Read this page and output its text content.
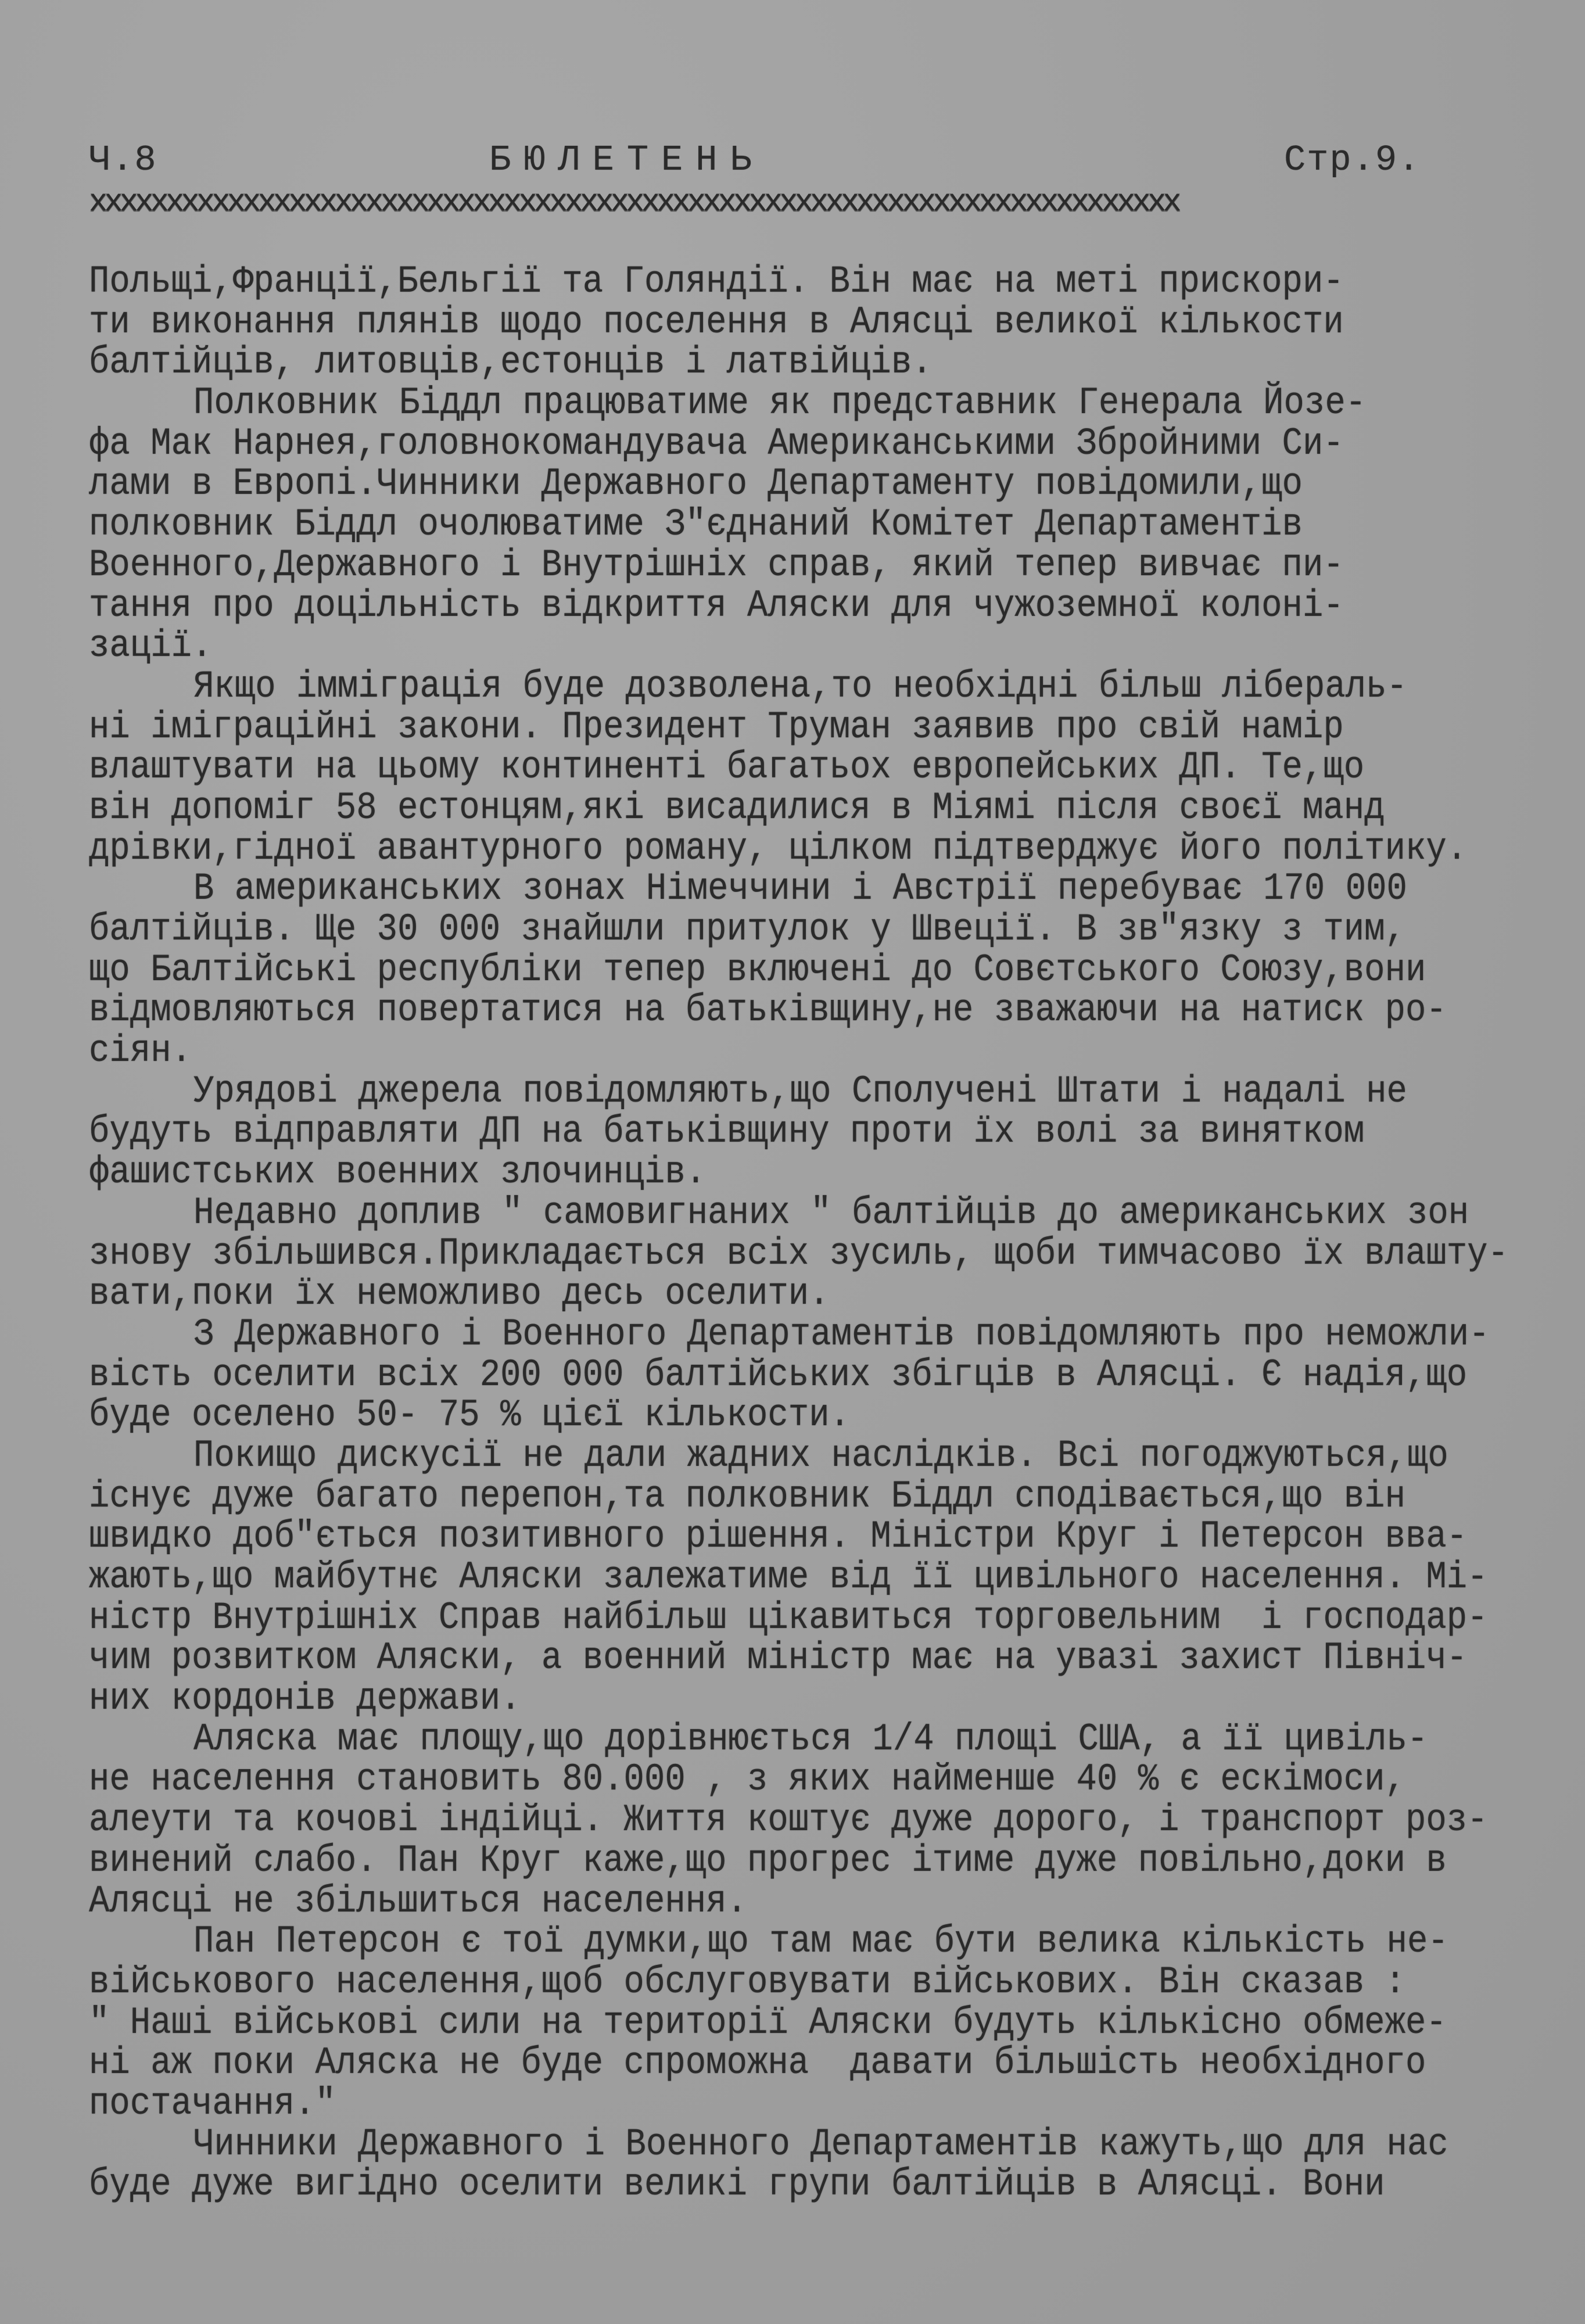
Ч.8	БЮЛЕТЕНЬ	Стр.9.
xxxxxxxxxxxxxxxxxxxxxxxxxxxxxxxxxxxxxxxxxxxxxxxxxxxxxxxxxxxxxxxxxxxxxxx
Польщі,Франції,Бельгії та Голяндії. Він має на меті прискори-
ти виконання плянів щодо поселення в Алясці великої кількости
балтійців, литовців,естонців і латвійців.
Полковник Бiддл працюватиме як представник Генерала Йозе-
фа Мак Нарнея,головнокомандувача Американськими Збройними Си-
лами в Европі.Чинники Державного Департаменту повідомили,що
полковник Бiддл очолюватиме З"єднаний Комітет Департаментів
Военного,Державного і Внутрішніх справ, який тепер вивчає пи-
тання про доцільність відкриття Аляски для чужоземної колоні-
зації.
Якщо імміграція буде дозволена,то необхідні більш лібераль-
ні іміграційні закони. Президент Труман заявив про свій намір
влаштувати на цьому континенті багатьох европейських ДП. Те,що
він допоміг 58 естонцям,які висадилися в Міямі після своєї манд
дрівки,гідної авантурного роману, цілком підтверджує його політику.
В американських зонах Німеччини і Австрії перебуває 170 000
балтійців. Ще 30 000 знайшли притулок у Швеції. В зв"язку з тим,
що Балтійські республіки тепер включені до Совєтського Союзу,вони
відмовляються повертатися на батьківщину,не зважаючи на натиск ро-
сіян.
Урядові джерела повідомляють,що Сполучені Штати і надалі не
будуть відправляти ДП на батьківщину проти їх волі за винятком
фашистських военних злочинців.
Недавно доплив " самовигнаних " балтійців до американських зон
знову збільшився.Прикладається всіх зусиль, щоби тимчасово їх влашту-
вати,поки їх неможливо десь оселити.
З Державного і Военного Департаментів повідомляють про неможли-
вість оселити всіх 200 000 балтійських збігців в Алясці. Є надія,що
буде оселено 50- 75 % цієї кількости.
Покищо дискусії не дали жадних наслідків. Всі погоджуються,що
існує дуже багато перепон,та полковник Бiддл сподівається,що він
швидко доб"ється позитивного рішення. Міністри Круг і Петерсон вва-
жають,що майбутнє Аляски залежатиме від її цивільного населення. Мі-
ністр Внутрішніх Справ найбільш цікавиться торговельним  і господар-
чим розвитком Аляски, а военний міністр має на увазі захист Північ-
них кордонів держави.
Аляска має площу,що дорівнюється 1/4 площі США, а її цивіль-
не населення становить 80.000 , з яких найменше 40 % є ескімоси,
алеути та кочові індійці. Життя коштує дуже дорого, і транспорт роз-
винений слабо. Пан Круг каже,що прогрес ітиме дуже повільно,доки в
Алясці не збільшиться населення.
Пан Петерсон є тої думки,що там має бути велика кількість не-
військового населення,щоб обслуговувати військових. Він сказав :
" Наші військові сили на території Аляски будуть кількісно обмеже-
ні аж поки Аляска не буде спроможна  давати більшість необхідного
постачання."
Чинники Державного і Военного Департаментів кажуть,що для нас
буде дуже вигідно оселити великі групи балтійців в Алясці. Вони
